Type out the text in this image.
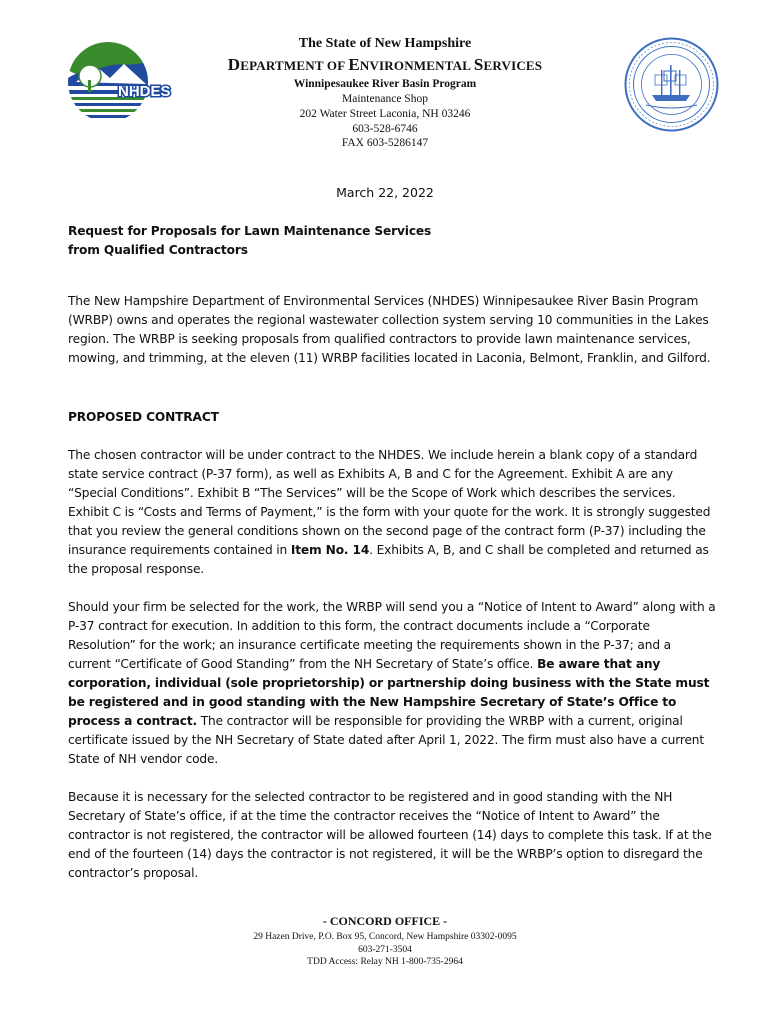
NHDES
The State of New Hampshire
DEPARTMENT OF ENVIRONMENTAL SERVICES
Winnipesaukee River Basin Program
Maintenance Shop
202 Water Street Laconia, NH 03246
603-528-6746
FAX 603-5286147
March 22, 2022
Request for Proposals for Lawn Maintenance Services
from Qualified Contractors
The New Hampshire Department of Environmental Services (NHDES) Winnipesaukee River Basin Program (WRBP) owns and operates the regional wastewater collection system serving 10 communities in the Lakes region. The WRBP is seeking proposals from qualified contractors to provide lawn maintenance services, mowing, and trimming, at the eleven (11) WRBP facilities located in Laconia, Belmont, Franklin, and Gilford.
PROPOSED CONTRACT
The chosen contractor will be under contract to the NHDES. We include herein a blank copy of a standard state service contract (P-37 form), as well as Exhibits A, B and C for the Agreement. Exhibit A are any “Special Conditions”. Exhibit B “The Services” will be the Scope of Work which describes the services. Exhibit C is “Costs and Terms of Payment,” is the form with your quote for the work. It is strongly suggested that you review the general conditions shown on the second page of the contract form (P-37) including the insurance requirements contained in Item No. 14. Exhibits A, B, and C shall be completed and returned as the proposal response.
Should your firm be selected for the work, the WRBP will send you a “Notice of Intent to Award” along with a P-37 contract for execution. In addition to this form, the contract documents include a “Corporate Resolution” for the work; an insurance certificate meeting the requirements shown in the P-37; and a current “Certificate of Good Standing” from the NH Secretary of State’s office. Be aware that any corporation, individual (sole proprietorship) or partnership doing business with the State must be registered and in good standing with the New Hampshire Secretary of State’s Office to process a contract. The contractor will be responsible for providing the WRBP with a current, original certificate issued by the NH Secretary of State dated after April 1, 2022. The firm must also have a current State of NH vendor code.
Because it is necessary for the selected contractor to be registered and in good standing with the NH Secretary of State’s office, if at the time the contractor receives the “Notice of Intent to Award” the contractor is not registered, the contractor will be allowed fourteen (14) days to complete this task. If at the end of the fourteen (14) days the contractor is not registered, it will be the WRBP’s option to disregard the contractor’s proposal.
- CONCORD OFFICE -
29 Hazen Drive, P.O. Box 95, Concord, New Hampshire 03302-0095
603-271-3504
TDD Access: Relay NH 1-800-735-2964
